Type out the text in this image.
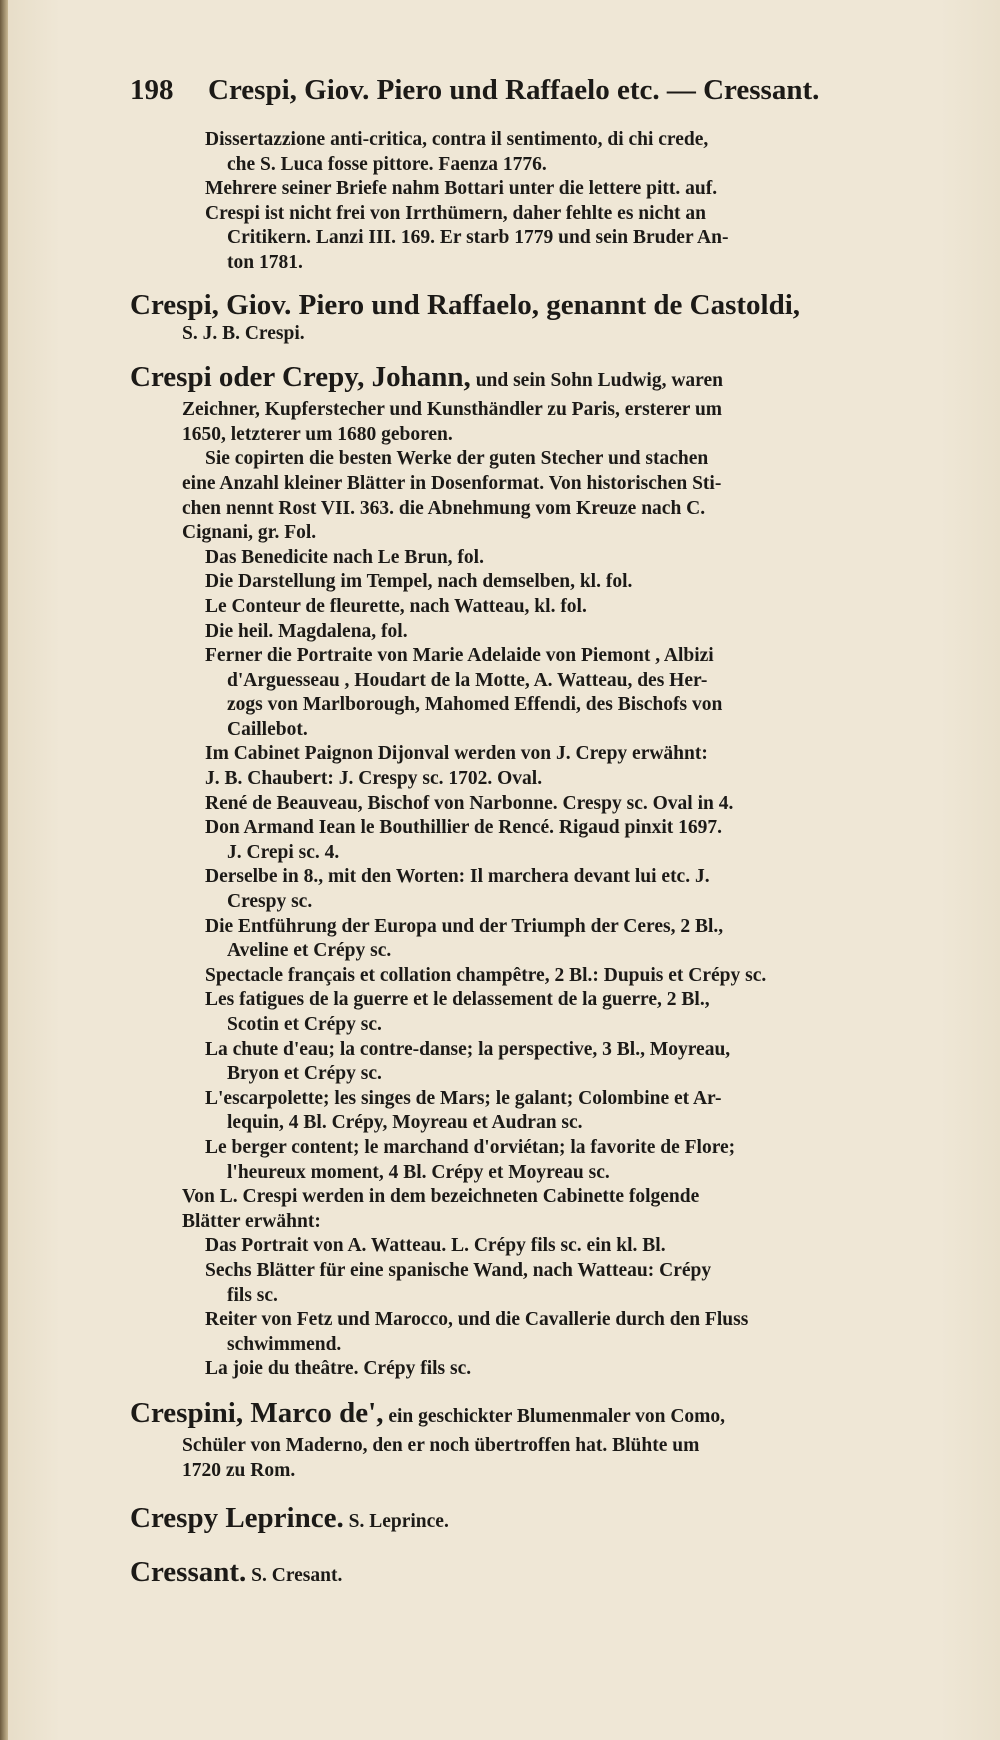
198 Crespi, Giov. Piero und Raffaelo etc. — Cressant.
Dissertazzione anti-critica, contra il sentimento, di chi crede,
che S. Luca fosse pittore. Faenza 1776.
Mehrere seiner Briefe nahm Bottari unter die lettere pitt. auf.
Crespi ist nicht frei von Irrthümern, daher fehlte es nicht an
Critikern. Lanzi III. 169. Er starb 1779 und sein Bruder An-
ton 1781.
Crespi, Giov. Piero und Raffaelo, genannt de Castoldi,
S. J. B. Crespi.
Crespi oder Crepy, Johann, und sein Sohn Ludwig, waren
Zeichner, Kupferstecher und Kunsthändler zu Paris, ersterer um
1650, letzterer um 1680 geboren.
Sie copirten die besten Werke der guten Stecher und stachen
eine Anzahl kleiner Blätter in Dosenformat. Von historischen Sti-
chen nennt Rost VII. 363. die Abnehmung vom Kreuze nach C.
Cignani, gr. Fol.
Das Benedicite nach Le Brun, fol.
Die Darstellung im Tempel, nach demselben, kl. fol.
Le Conteur de fleurette, nach Watteau, kl. fol.
Die heil. Magdalena, fol.
Ferner die Portraite von Marie Adelaide von Piemont , Albizi
d'Arguesseau , Houdart de la Motte, A. Watteau, des Her-
zogs von Marlborough, Mahomed Effendi, des Bischofs von
Caillebot.
Im Cabinet Paignon Dijonval werden von J. Crepy erwähnt:
J. B. Chaubert: J. Crespy sc. 1702. Oval.
René de Beauveau, Bischof von Narbonne. Crespy sc. Oval in 4.
Don Armand Iean le Bouthillier de Rencé. Rigaud pinxit 1697.
J. Crepi sc. 4.
Derselbe in 8., mit den Worten: Il marchera devant lui etc. J.
Crespy sc.
Die Entführung der Europa und der Triumph der Ceres, 2 Bl.,
Aveline et Crépy sc.
Spectacle français et collation champêtre, 2 Bl.: Dupuis et Crépy sc.
Les fatigues de la guerre et le delassement de la guerre, 2 Bl.,
Scotin et Crépy sc.
La chute d'eau; la contre-danse; la perspective, 3 Bl., Moyreau,
Bryon et Crépy sc.
L'escarpolette; les singes de Mars; le galant; Colombine et Ar-
lequin, 4 Bl. Crépy, Moyreau et Audran sc.
Le berger content; le marchand d'orviétan; la favorite de Flore;
l'heureux moment, 4 Bl. Crépy et Moyreau sc.
Von L. Crespi werden in dem bezeichneten Cabinette folgende
Blätter erwähnt:
Das Portrait von A. Watteau. L. Crépy fils sc. ein kl. Bl.
Sechs Blätter für eine spanische Wand, nach Watteau: Crépy
fils sc.
Reiter von Fetz und Marocco, und die Cavallerie durch den Fluss
schwimmend.
La joie du theâtre. Crépy fils sc.
Crespini, Marco de', ein geschickter Blumenmaler von Como,
Schüler von Maderno, den er noch übertroffen hat. Blühte um
1720 zu Rom.
Crespy Leprince. S. Leprince.
Cressant. S. Cresant.
